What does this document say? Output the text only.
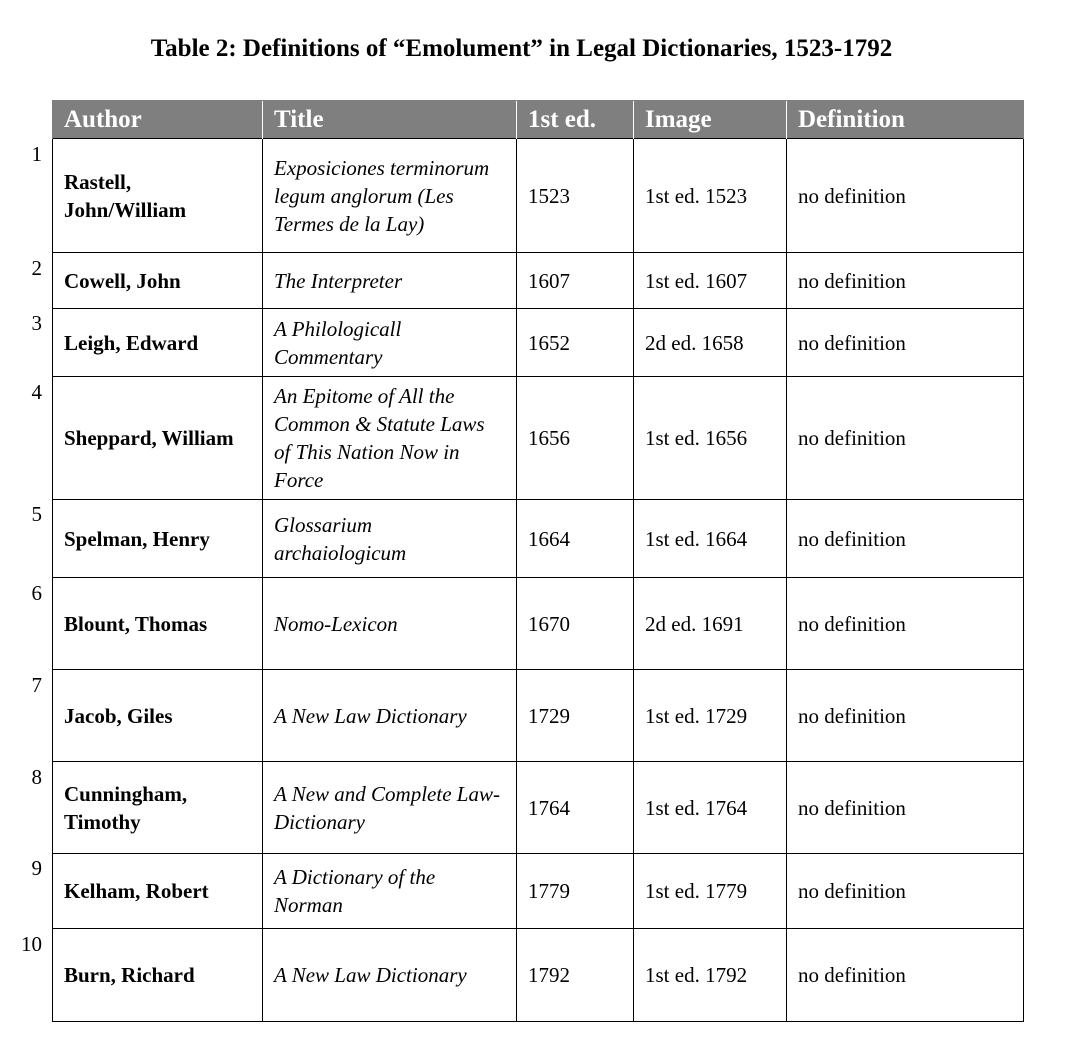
Table 2: Definitions of “Emolument” in Legal Dictionaries, 1523-1792
1
2
3
4
5
6
7
8
9
10
Author	Title	1st ed.	Image	Definition
Rastell, John/William	Exposiciones terminorum legum anglorum (Les Termes de la Lay)	1523	1st ed. 1523	no definition
Cowell, John	The Interpreter	1607	1st ed. 1607	no definition
Leigh, Edward	A Philologicall Commentary	1652	2d ed. 1658	no definition
Sheppard, William	An Epitome of All the Common & Statute Laws of This Nation Now in Force	1656	1st ed. 1656	no definition
Spelman, Henry	Glossarium archaiologicum	1664	1st ed. 1664	no definition
Blount, Thomas	Nomo-Lexicon	1670	2d ed. 1691	no definition
Jacob, Giles	A New Law Dictionary	1729	1st ed. 1729	no definition
Cunningham, Timothy	A New and Complete Law-Dictionary	1764	1st ed. 1764	no definition
Kelham, Robert	A Dictionary of the Norman	1779	1st ed. 1779	no definition
Burn, Richard	A New Law Dictionary	1792	1st ed. 1792	no definition
